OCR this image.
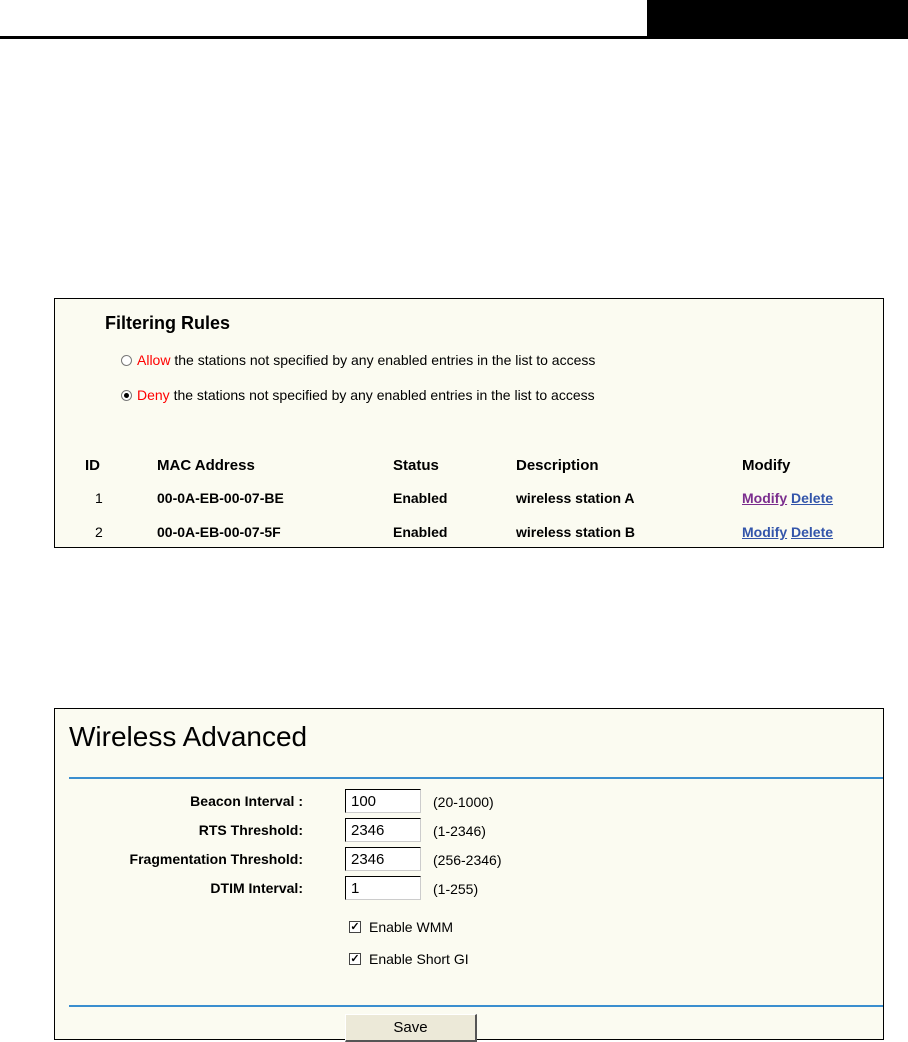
Filtering Rules
Allow the stations not specified by any enabled entries in the list to access
Deny the stations not specified by any enabled entries in the list to access
ID	MAC Address	Status	Description	Modify
1	00-0A-EB-00-07-BE	Enabled	wireless station A	Modify Delete
2	00-0A-EB-00-07-5F	Enabled	wireless station B	Modify Delete
Wireless Advanced
Beacon Interval :
100	(20-1000)
RTS Threshold:
2346	(1-2346)
Fragmentation Threshold:
2346	(256-2346)
DTIM Interval:
1	(1-255)
✓ Enable WMM
✓ Enable Short GI
Save
